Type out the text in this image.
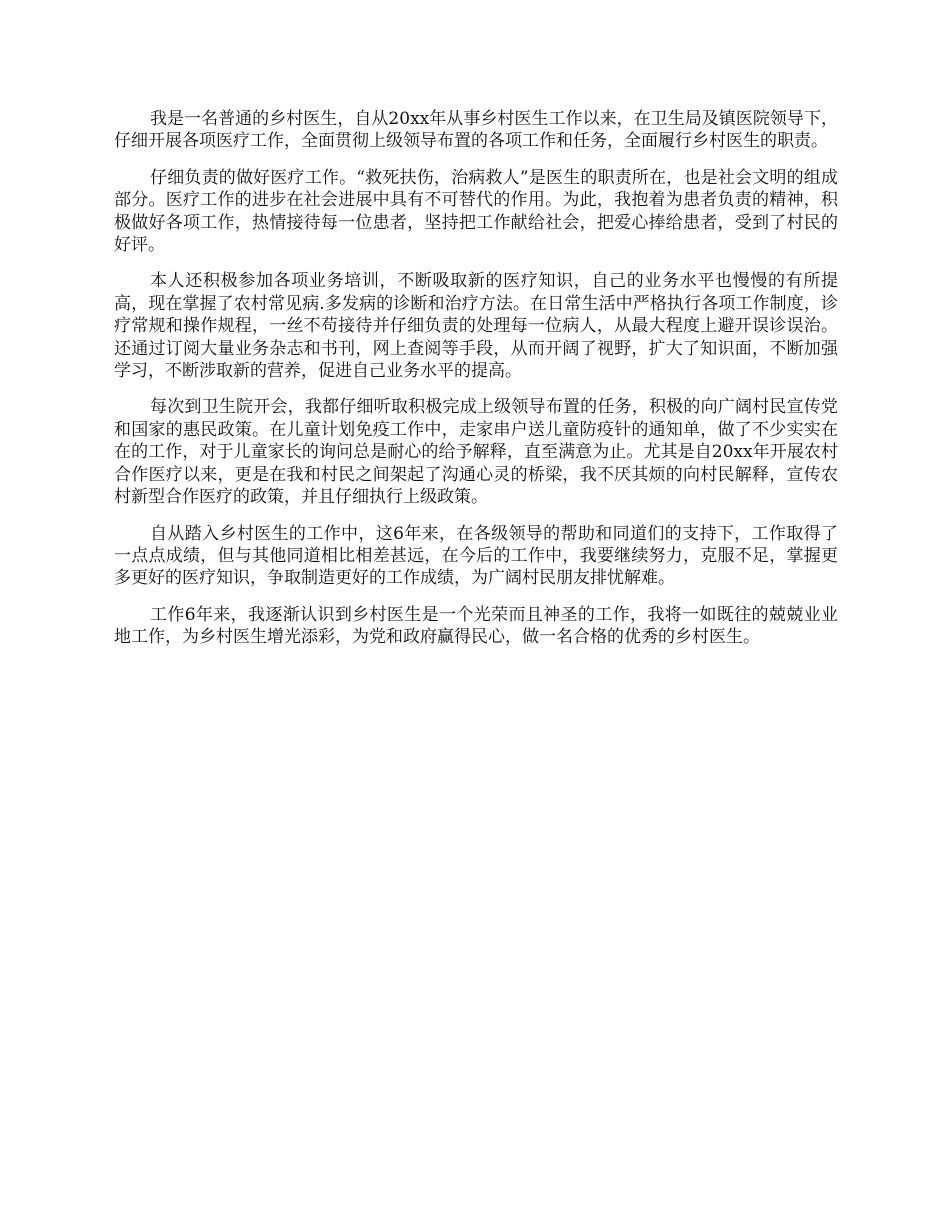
我是一名普通的乡村医生，自从20xx年从事乡村医生工作以来，在卫生局及镇医院领导下，仔细开展各项医疗工作，全面贯彻上级领导布置的各项工作和任务，全面履行乡村医生的职责。

仔细负责的做好医疗工作。“救死扶伤，治病救人”是医生的职责所在，也是社会文明的组成部分。医疗工作的进步在社会进展中具有不可替代的作用。为此，我抱着为患者负责的精神，积极做好各项工作，热情接待每一位患者，坚持把工作献给社会，把爱心捧给患者，受到了村民的好评。

本人还积极参加各项业务培训，不断吸取新的医疗知识，自己的业务水平也慢慢的有所提高，现在掌握了农村常见病.多发病的诊断和治疗方法。在日常生活中严格执行各项工作制度，诊疗常规和操作规程，一丝不苟接待并仔细负责的处理每一位病人，从最大程度上避开误诊误治。还通过订阅大量业务杂志和书刊，网上查阅等手段，从而开阔了视野，扩大了知识面，不断加强学习，不断涉取新的营养，促进自己业务水平的提高。

每次到卫生院开会，我都仔细听取积极完成上级领导布置的任务，积极的向广阔村民宣传党和国家的惠民政策。在儿童计划免疫工作中，走家串户送儿童防疫针的通知单，做了不少实实在在的工作，对于儿童家长的询问总是耐心的给予解释，直至满意为止。尤其是自20xx年开展农村合作医疗以来，更是在我和村民之间架起了沟通心灵的桥梁，我不厌其烦的向村民解释，宣传农村新型合作医疗的政策，并且仔细执行上级政策。

自从踏入乡村医生的工作中，这6年来，在各级领导的帮助和同道们的支持下，工作取得了一点点成绩，但与其他同道相比相差甚远，在今后的工作中，我要继续努力，克服不足，掌握更多更好的医疗知识，争取制造更好的工作成绩，为广阔村民朋友排忧解难。

工作6年来，我逐渐认识到乡村医生是一个光荣而且神圣的工作，我将一如既往的兢兢业业地工作，为乡村医生增光添彩，为党和政府赢得民心，做一名合格的优秀的乡村医生。
